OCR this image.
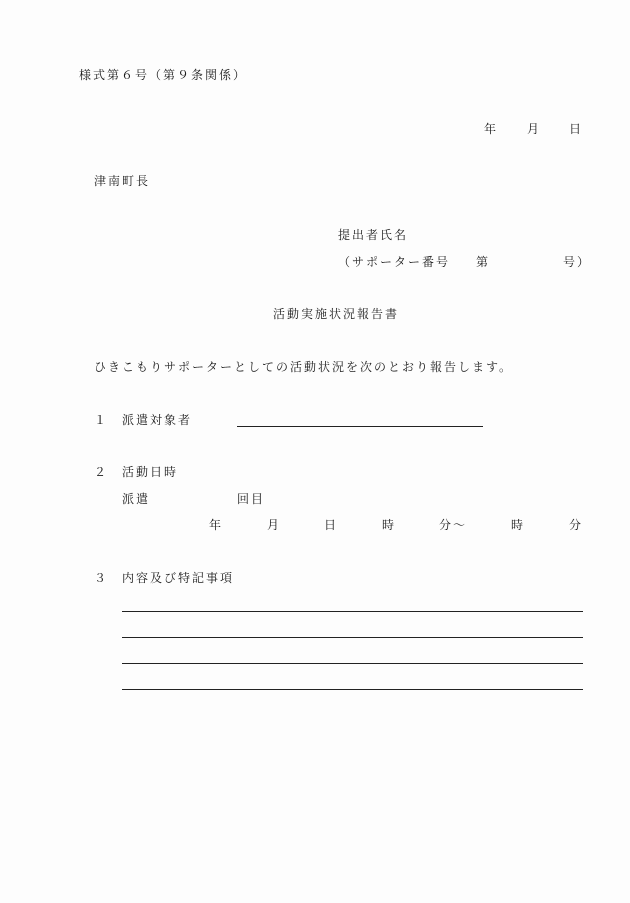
様式第６号（第９条関係）
年 月 日
津南町長
提出者氏名
（サポーター番号 第	号）
活動実施状況報告書
ひきこもりサポーターとしての活動状況を次のとおり報告します。
１ 派遣対象者
２ 活動日時
派遣	回目
年	月	日	時	分～	時	分
３ 内容及び特記事項
